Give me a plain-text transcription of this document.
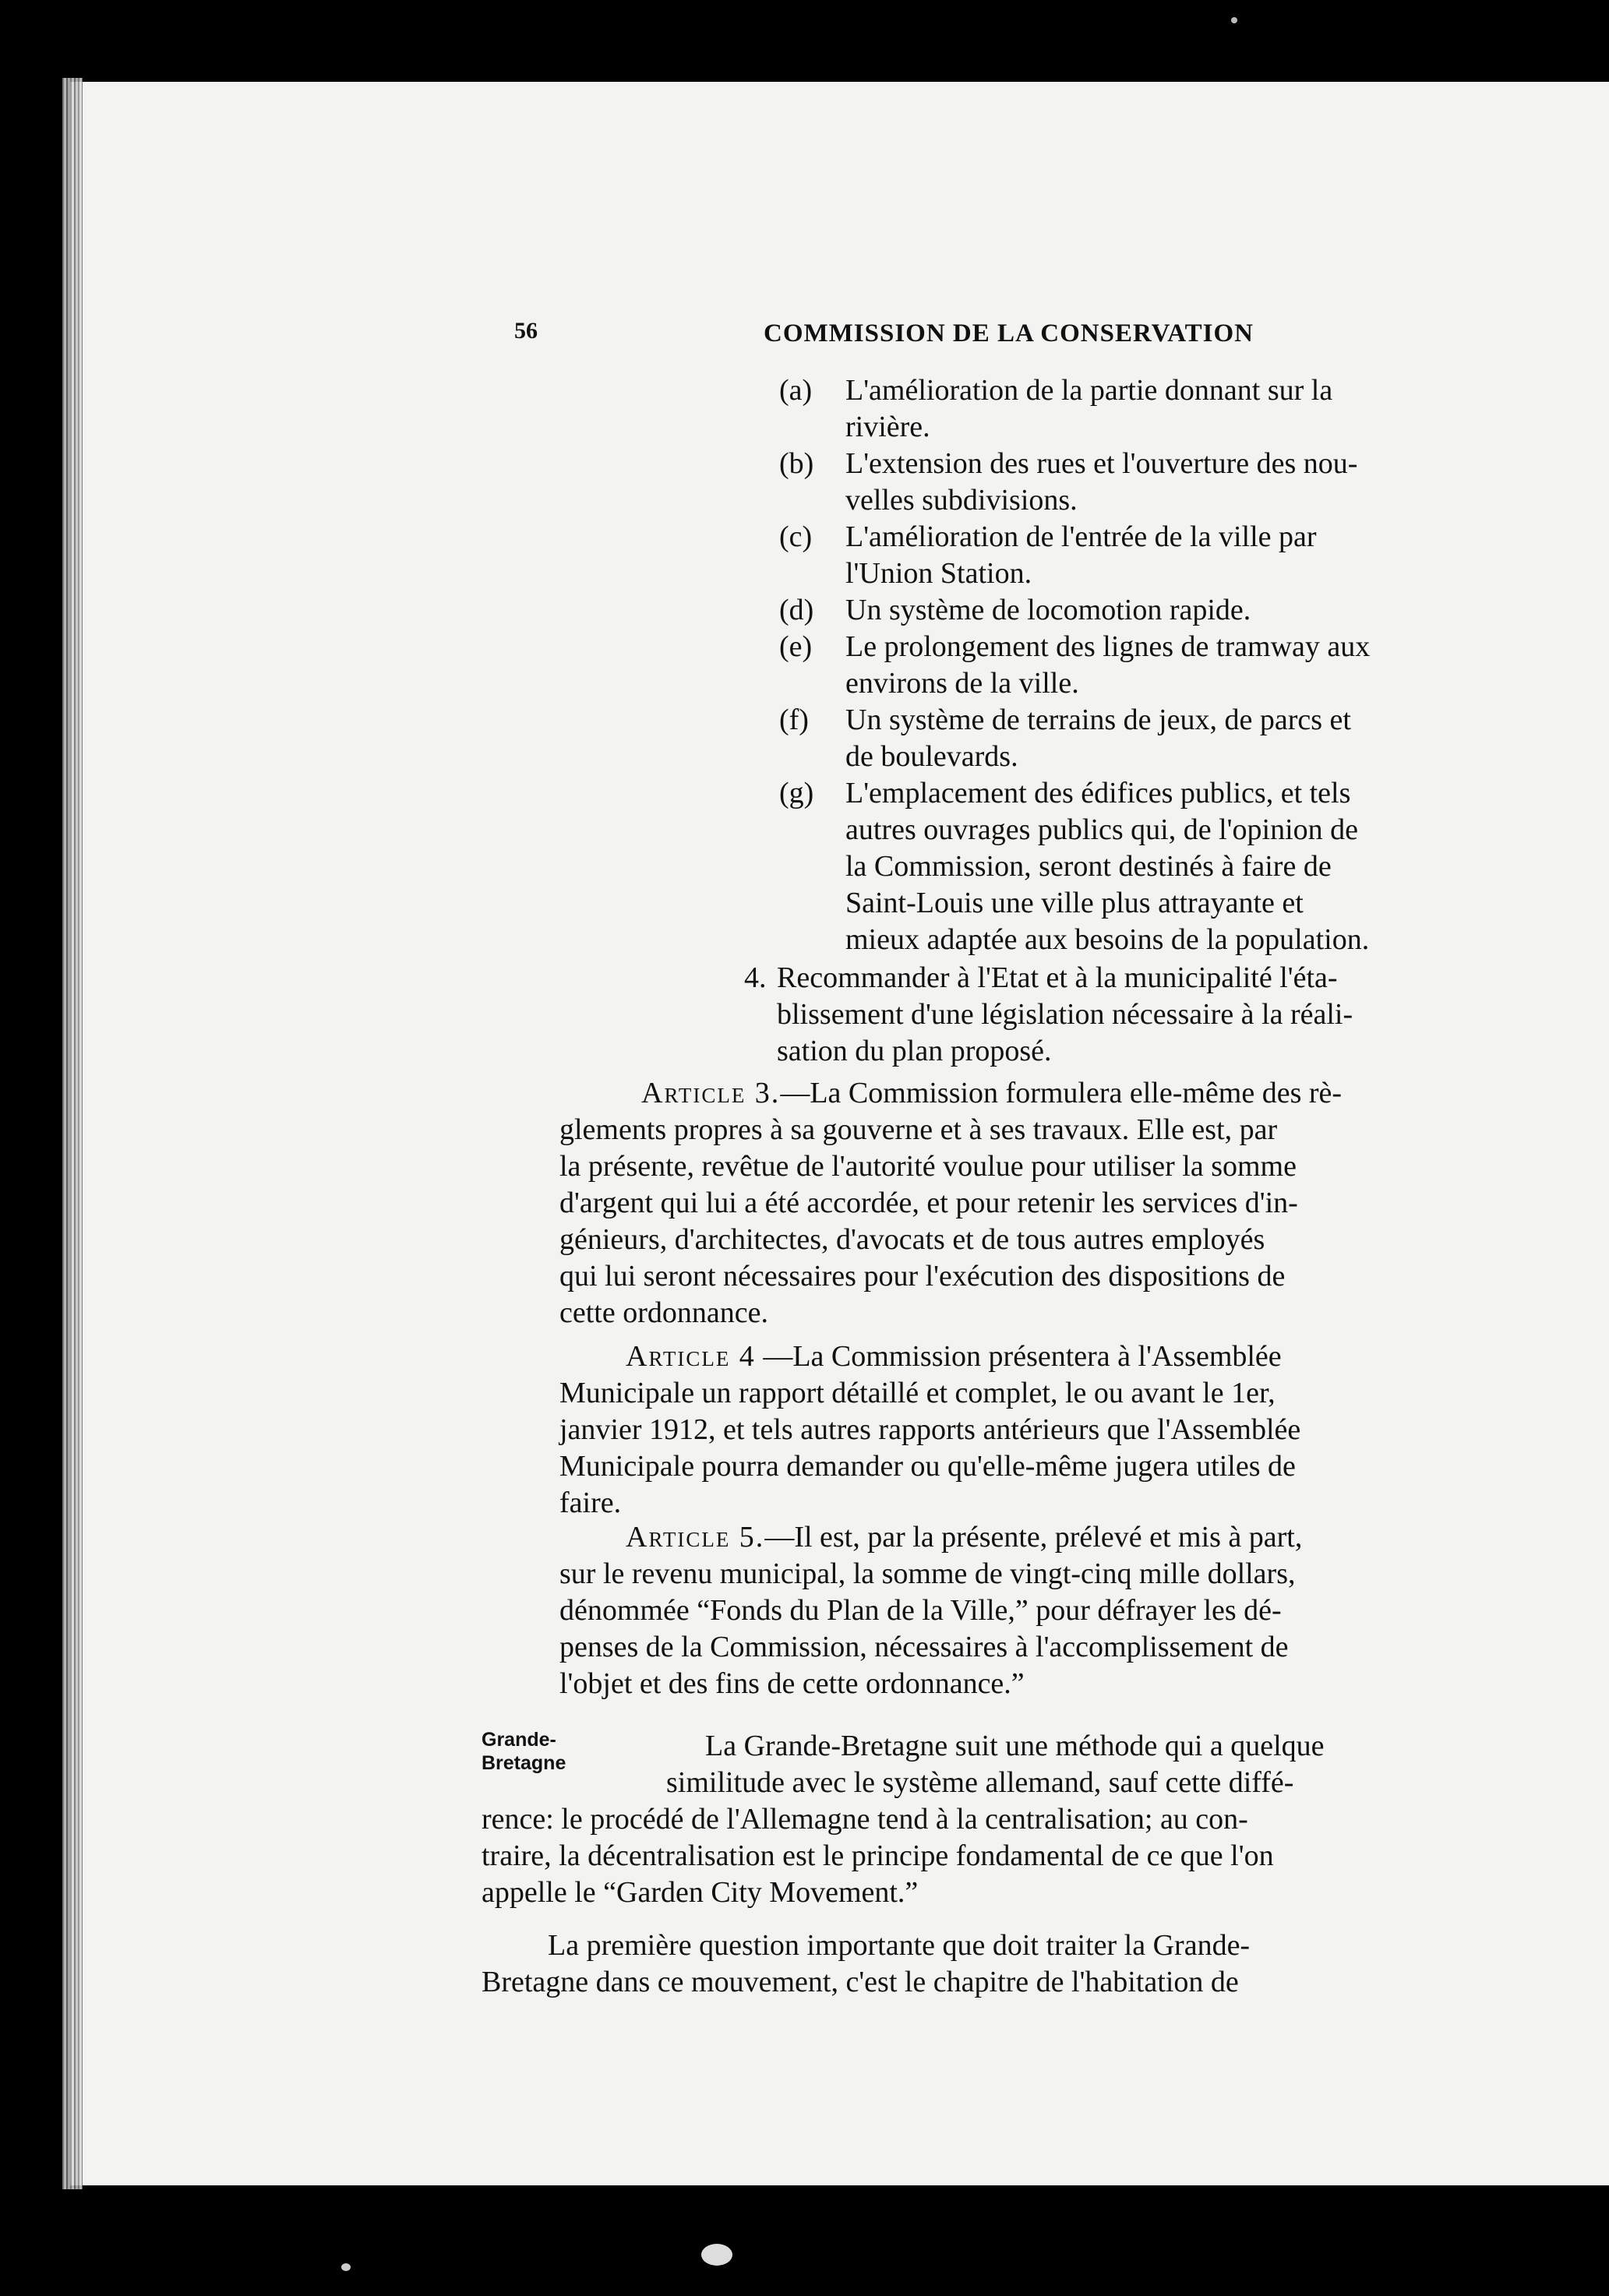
56	COMMISSION DE LA CONSERVATION
(a) L'amélioration de la partie donnant sur la
rivière.
(b) L'extension des rues et l'ouverture des nou-
velles subdivisions.
(c) L'amélioration de l'entrée de la ville par
l'Union Station.
(d) Un système de locomotion rapide.
(e) Le prolongement des lignes de tramway aux
environs de la ville.
(f) Un système de terrains de jeux, de parcs et
de boulevards.
(g) L'emplacement des édifices publics, et tels
autres ouvrages publics qui, de l'opinion de
la Commission, seront destinés à faire de
Saint-Louis une ville plus attrayante et
mieux adaptée aux besoins de la population.
4. Recommander à l'Etat et à la municipalité l'éta-
blissement d'une législation nécessaire à la réali-
sation du plan proposé.
Article 3.—La Commission formulera elle-même des rè-
glements propres à sa gouverne et à ses travaux. Elle est, par
la présente, revêtue de l'autorité voulue pour utiliser la somme
d'argent qui lui a été accordée, et pour retenir les services d'in-
génieurs, d'architectes, d'avocats et de tous autres employés
qui lui seront nécessaires pour l'exécution des dispositions de
cette ordonnance.
Article 4 —La Commission présentera à l'Assemblée
Municipale un rapport détaillé et complet, le ou avant le 1er,
janvier 1912, et tels autres rapports antérieurs que l'Assemblée
Municipale pourra demander ou qu'elle-même jugera utiles de
faire.
Article 5.—Il est, par la présente, prélevé et mis à part,
sur le revenu municipal, la somme de vingt-cinq mille dollars,
dénommée “Fonds du Plan de la Ville,” pour défrayer les dé-
penses de la Commission, nécessaires à l'accomplissement de
l'objet et des fins de cette ordonnance.”
Grande-
Bretagne
La Grande-Bretagne suit une méthode qui a quelque
similitude avec le système allemand, sauf cette diffé-
rence: le procédé de l'Allemagne tend à la centralisation; au con-
traire, la décentralisation est le principe fondamental de ce que l'on
appelle le “Garden City Movement.”
La première question importante que doit traiter la Grande-
Bretagne dans ce mouvement, c'est le chapitre de l'habitation de
